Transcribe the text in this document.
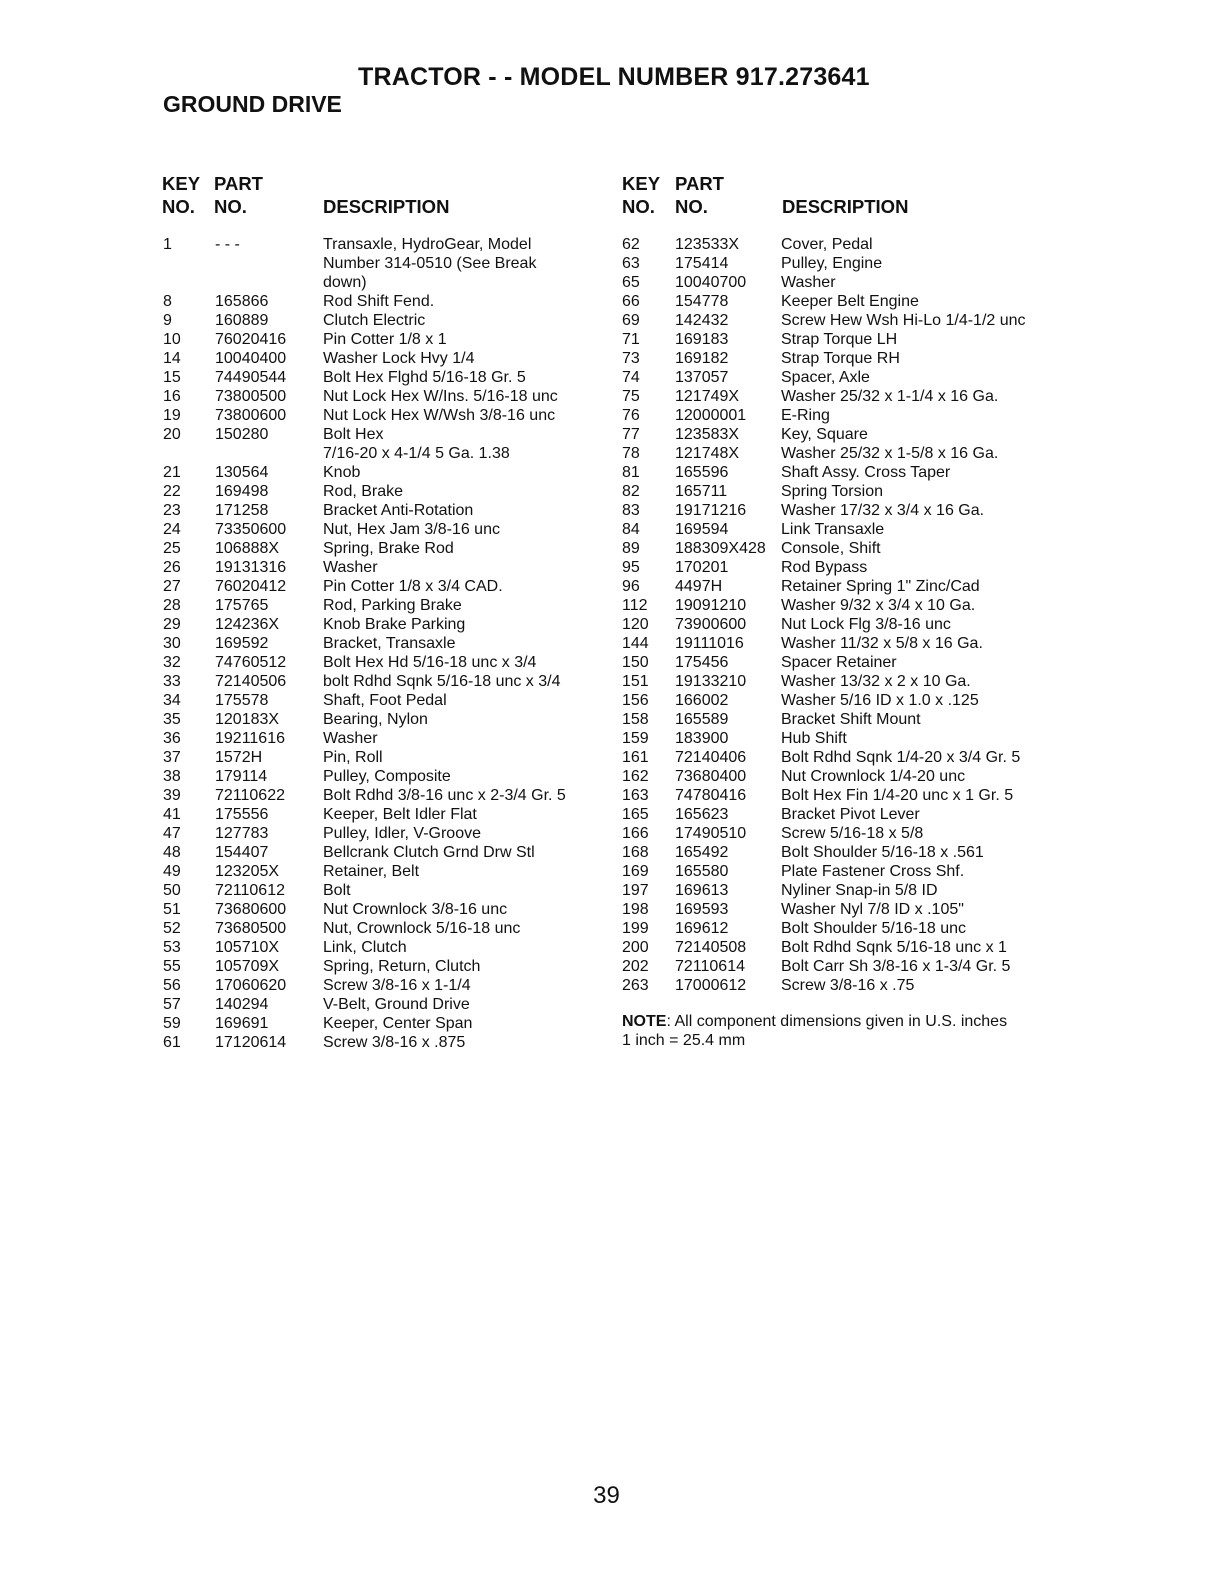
TRACTOR - - MODEL NUMBER 917.273641
GROUND DRIVE
KEY PART
NO. NO.	DESCRIPTION
1	- - -	Transaxle, HydroGear, Model
Number 314-0510 (See Break
down)
8	165866	Rod Shift Fend.
9	160889	Clutch Electric
10 76020416 Pin Cotter 1/8 x 1
14 10040400 Washer Lock Hvy 1/4
15 74490544 Bolt Hex Flghd 5/16-18 Gr. 5
16 73800500 Nut Lock Hex W/Ins. 5/16-18 unc
19 73800600 Nut Lock Hex W/Wsh 3/8-16 unc
20 150280	Bolt Hex
7/16-20 x 4-1/4 5 Ga. 1.38
21 130564	Knob
22 169498	Rod, Brake
23 171258	Bracket Anti-Rotation
24 73350600 Nut, Hex Jam 3/8-16 unc
25 106888X	Spring, Brake Rod
26 19131316 Washer
27 76020412 Pin Cotter 1/8 x 3/4 CAD.
28 175765	Rod, Parking Brake
29 124236X	Knob Brake Parking
30 169592	Bracket, Transaxle
32 74760512 Bolt Hex Hd 5/16-18 unc x 3/4
33 72140506 bolt Rdhd Sqnk 5/16-18 unc x 3/4
34 175578	Shaft, Foot Pedal
35 120183X	Bearing, Nylon
36 19211616 Washer
37 1572H	Pin, Roll
38 179114	Pulley, Composite
39 72110622 Bolt Rdhd 3/8-16 unc x 2-3/4 Gr. 5
41 175556	Keeper, Belt Idler Flat
47 127783	Pulley, Idler, V-Groove
48 154407	Bellcrank Clutch Grnd Drw Stl
49 123205X	Retainer, Belt
50 72110612 Bolt
51 73680600 Nut Crownlock 3/8-16 unc
52 73680500 Nut, Crownlock 5/16-18 unc
53 105710X	Link, Clutch
55 105709X	Spring, Return, Clutch
56 17060620 Screw 3/8-16 x 1-1/4
57 140294	V-Belt, Ground Drive
59 169691	Keeper, Center Span
61 17120614 Screw 3/8-16 x .875
KEY PART
NO. NO.	DESCRIPTION
62 123533X	Cover, Pedal
63 175414	Pulley, Engine
65 10040700 Washer
66 154778	Keeper Belt Engine
69 142432	Screw Hew Wsh Hi-Lo 1/4-1/2 unc
71 169183	Strap Torque LH
73 169182	Strap Torque RH
74 137057	Spacer, Axle
75 121749X	Washer 25/32 x 1-1/4 x 16 Ga.
76 12000001 E-Ring
77 123583X	Key, Square
78 121748X	Washer 25/32 x 1-5/8 x 16 Ga.
81 165596	Shaft Assy. Cross Taper
82 165711	Spring Torsion
83 19171216 Washer 17/32 x 3/4 x 16 Ga.
84 169594	Link Transaxle
89 188309X428 Console, Shift
95 170201	Rod Bypass
96 4497H	Retainer Spring 1" Zinc/Cad
112 19091210 Washer 9/32 x 3/4 x 10 Ga.
120 73900600 Nut Lock Flg 3/8-16 unc
144 19111016 Washer 11/32 x 5/8 x 16 Ga.
150 175456	Spacer Retainer
151 19133210 Washer 13/32 x 2 x 10 Ga.
156 166002	Washer 5/16 ID x 1.0 x .125
158 165589	Bracket Shift Mount
159 183900	Hub Shift
161 72140406 Bolt Rdhd Sqnk 1/4-20 x 3/4 Gr. 5
162 73680400 Nut Crownlock 1/4-20 unc
163 74780416 Bolt Hex Fin 1/4-20 unc x 1 Gr. 5
165 165623	Bracket Pivot Lever
166 17490510 Screw 5/16-18 x 5/8
168 165492	Bolt Shoulder 5/16-18 x .561
169 165580	Plate Fastener Cross Shf.
197 169613	Nyliner Snap-in 5/8 ID
198 169593	Washer Nyl 7/8 ID x .105"
199 169612	Bolt Shoulder 5/16-18 unc
200 72140508 Bolt Rdhd Sqnk 5/16-18 unc x 1
202 72110614 Bolt Carr Sh 3/8-16 x 1-3/4 Gr. 5
263 17000612 Screw 3/8-16 x .75
NOTE: All component dimensions given in U.S. inches
1 inch = 25.4 mm
39
